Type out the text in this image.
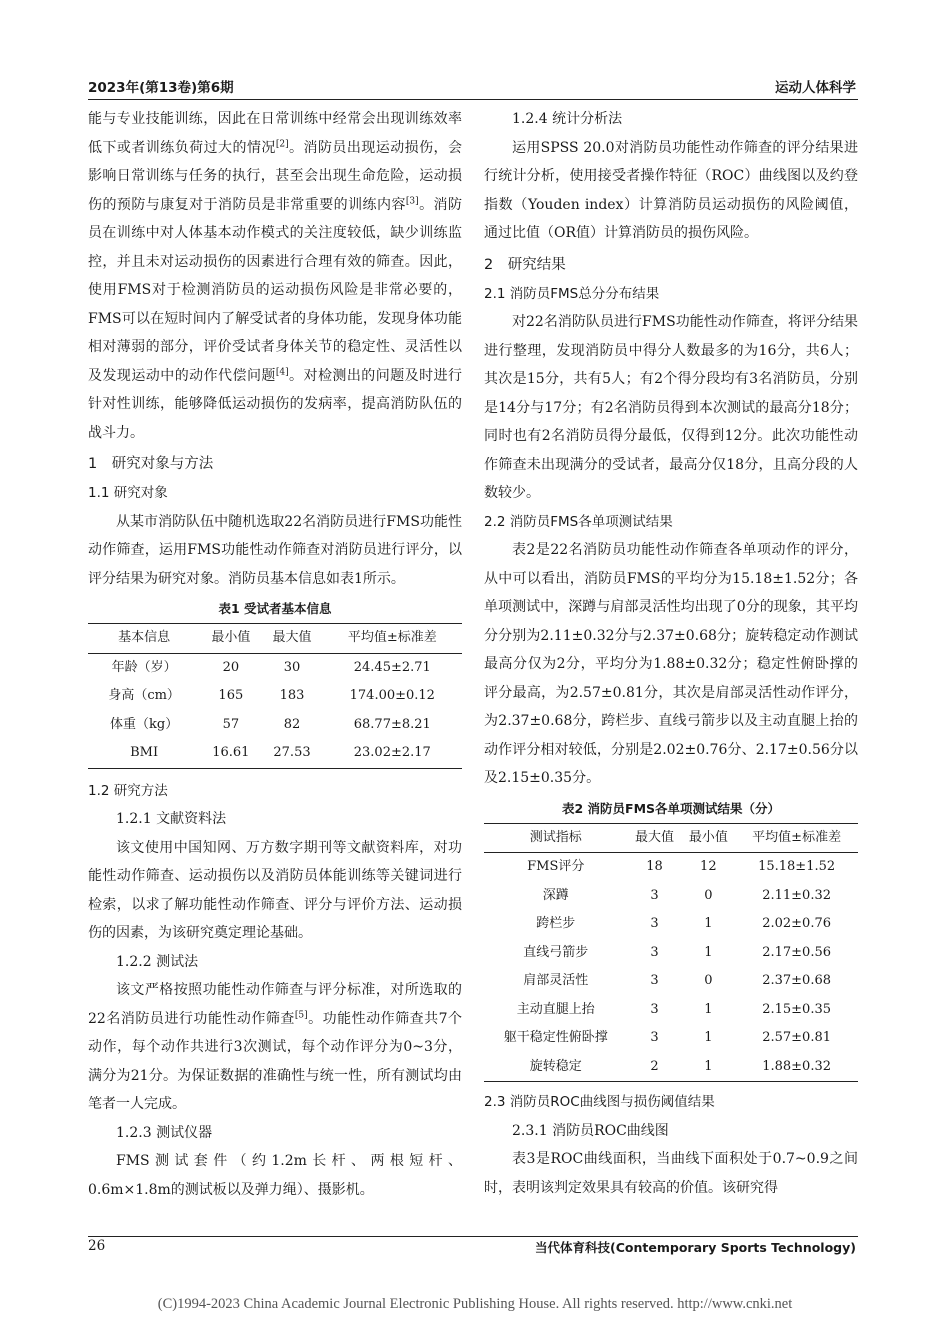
2023年(第13卷)第6期	运动人体科学

能与专业技能训练，因此在日常训练中经常会出现训练效率低下或者训练负荷过大的情况[2]。消防员出现运动损伤，会影响日常训练与任务的执行，甚至会出现生命危险，运动损伤的预防与康复对于消防员是非常重要的训练内容[3]。消防员在训练中对人体基本动作模式的关注度较低，缺少训练监控，并且未对运动损伤的因素进行合理有效的筛查。因此，使用FMS对于检测消防员的运动损伤风险是非常必要的，FMS可以在短时间内了解受试者的身体功能，发现身体功能相对薄弱的部分，评价受试者身体关节的稳定性、灵活性以及发现运动中的动作代偿问题[4]。对检测出的问题及时进行针对性训练，能够降低运动损伤的发病率，提高消防队伍的战斗力。

1　研究对象与方法
1.1 研究对象

从某市消防队伍中随机选取22名消防员进行FMS功能性动作筛查，运用FMS功能性动作筛查对消防员进行评分，以评分结果为研究对象。消防员基本信息如表1所示。

表1 受试者基本信息
基本信息	最小值	最大值	平均值±标准差
年龄（岁）	20	30	24.45±2.71
身高（cm）	165	183	174.00±0.12
体重（kg）	57	82	68.77±8.21
BMI	16.61	27.53	23.02±2.17
1.2 研究方法
1.2.1 文献资料法

该文使用中国知网、万方数字期刊等文献资料库，对功能性动作筛查、运动损伤以及消防员体能训练等关键词进行检索，以求了解功能性动作筛查、评分与评价方法、运动损伤的因素，为该研究奠定理论基础。

1.2.2 测试法

该文严格按照功能性动作筛查与评分标准，对所选取的22名消防员进行功能性动作筛查[5]。功能性动作筛查共7个动作，每个动作共进行3次测试，每个动作评分为0~3分，满分为21分。为保证数据的准确性与统一性，所有测试均由笔者一人完成。

1.2.3 测试仪器

FMS测试套件（约1.2m长杆、两根短杆、0.6m×1.8m的测试板以及弹力绳）、摄影机。

1.2.4 统计分析法

运用SPSS 20.0对消防员功能性动作筛查的评分结果进行统计分析，使用接受者操作特征（ROC）曲线图以及约登指数（Youden index）计算消防员运动损伤的风险阈值，通过比值（OR值）计算消防员的损伤风险。

2　研究结果
2.1 消防员FMS总分分布结果

对22名消防队员进行FMS功能性动作筛查，将评分结果进行整理，发现消防员中得分人数最多的为16分，共6人；其次是15分，共有5人；有2个得分段均有3名消防员，分别是14分与17分；有2名消防员得到本次测试的最高分18分；同时也有2名消防员得分最低，仅得到12分。此次功能性动作筛查未出现满分的受试者，最高分仅18分，且高分段的人数较少。

2.2 消防员FMS各单项测试结果

表2是22名消防员功能性动作筛查各单项动作的评分，从中可以看出，消防员FMS的平均分为15.18±1.52分；各单项测试中，深蹲与肩部灵活性均出现了0分的现象，其平均分分别为2.11±0.32分与2.37±0.68分；旋转稳定动作测试最高分仅为2分，平均分为1.88±0.32分；稳定性俯卧撑的评分最高，为2.57±0.81分，其次是肩部灵活性动作评分，为2.37±0.68分，跨栏步、直线弓箭步以及主动直腿上抬的动作评分相对较低，分别是2.02±0.76分、2.17±0.56分以及2.15±0.35分。

表2 消防员FMS各单项测试结果（分）
测试指标	最大值	最小值	平均值±标准差
FMS评分	18	12	15.18±1.52
深蹲	3	0	2.11±0.32
跨栏步	3	1	2.02±0.76
直线弓箭步	3	1	2.17±0.56
肩部灵活性	3	0	2.37±0.68
主动直腿上抬	3	1	2.15±0.35
躯干稳定性俯卧撑	3	1	2.57±0.81
旋转稳定	2	1	1.88±0.32
2.3 消防员ROC曲线图与损伤阈值结果
2.3.1 消防员ROC曲线图

表3是ROC曲线面积，当曲线下面积处于0.7~0.9之间时，表明该判定效果具有较高的价值。该研究得

26	当代体育科技(Contemporary Sports Technology)
(C)1994-2023 China Academic Journal Electronic Publishing House. All rights reserved. http://www.cnki.net
